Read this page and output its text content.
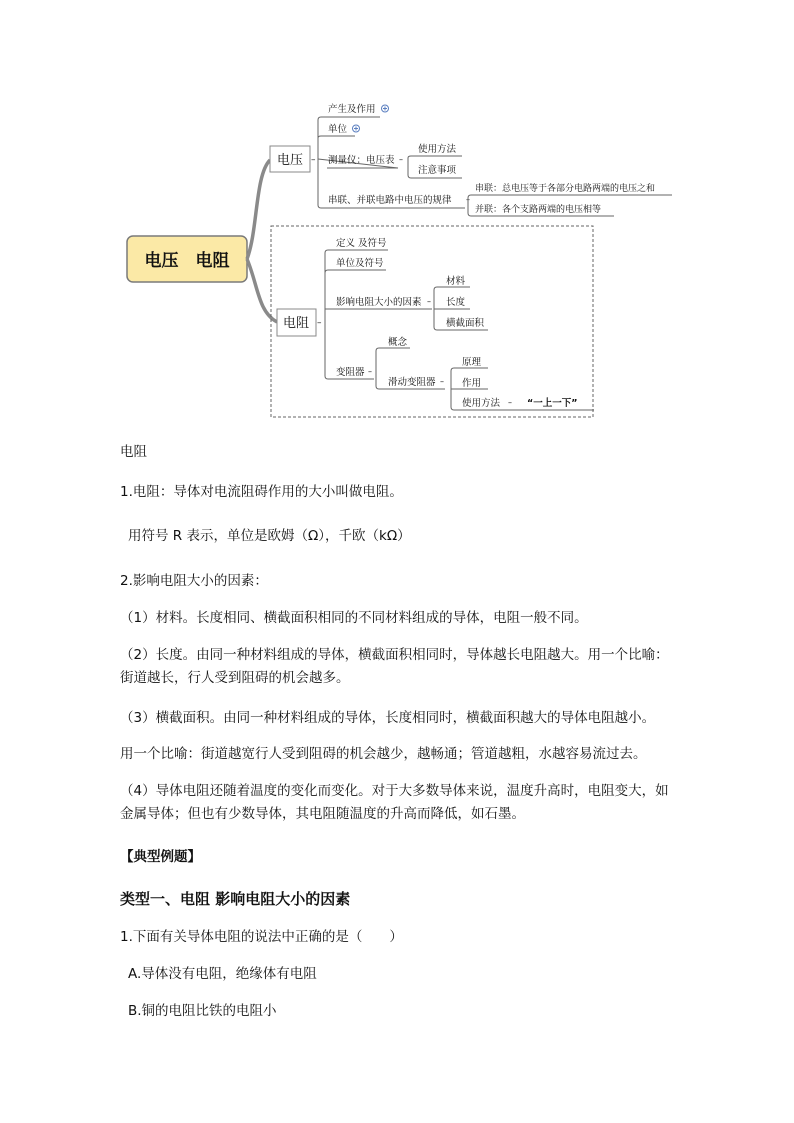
电压　电阻
电压 –
产生及作用
单位
测量仪：电压表
串联、并联电路中电压的规律
–
使用方法
注意事项
–
串联：总电压等于各部分电路两端的电压之和
并联：各个支路两端的电压相等
电阻 –
定义 及符号
单位及符号
影响电阻大小的因素
变阻器
–
材料
长度
横截面积
–
概念
滑动变阻器 –
原理
作用
使用方法 – “一上一下”

电阻

1.电阻：导体对电流阻碍作用的大小叫做电阻。

用符号 R 表示，单位是欧姆（Ω），千欧（kΩ）

2.影响电阻大小的因素：

（1）材料。长度相同、横截面积相同的不同材料组成的导体，电阻一般不同。

（2）长度。由同一种材料组成的导体，横截面积相同时，导体越长电阻越大。用一个比喻：街道越长，行人受到阻碍的机会越多。

（3）横截面积。由同一种材料组成的导体，长度相同时，横截面积越大的导体电阻越小。

用一个比喻：街道越宽行人受到阻碍的机会越少，越畅通；管道越粗，水越容易流过去。

（4）导体电阻还随着温度的变化而变化。对于大多数导体来说，温度升高时，电阻变大，如金属导体；但也有少数导体，其电阻随温度的升高而降低，如石墨。

【典型例题】

类型一、电阻 影响电阻大小的因素

1.下面有关导体电阻的说法中正确的是（　　）

A.导体没有电阻，绝缘体有电阻

B.铜的电阻比铁的电阻小
